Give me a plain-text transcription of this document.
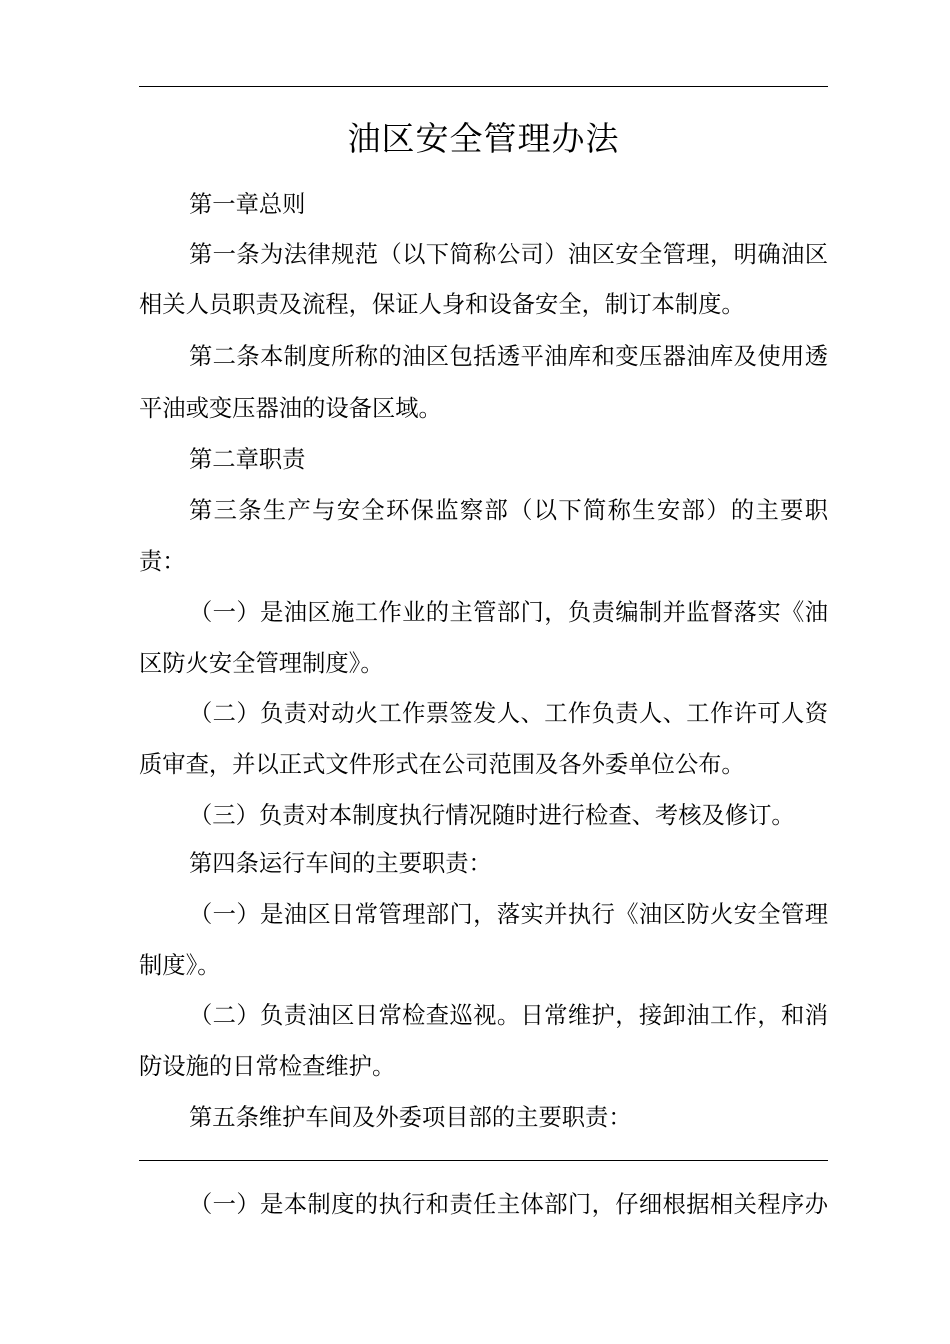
油区安全管理办法
第一章总则
第一条为法律规范（以下简称公司）油区安全管理，明确油区
相关人员职责及流程，保证人身和设备安全，制订本制度。
第二条本制度所称的油区包括透平油库和变压器油库及使用透
平油或变压器油的设备区域。
第二章职责
第三条生产与安全环保监察部（以下简称生安部）的主要职
责：
（一）是油区施工作业的主管部门，负责编制并监督落实《油
区防火安全管理制度》。
（二）负责对动火工作票签发人、工作负责人、工作许可人资
质审查，并以正式文件形式在公司范围及各外委单位公布。
（三）负责对本制度执行情况随时进行检查、考核及修订。
第四条运行车间的主要职责：
（一）是油区日常管理部门，落实并执行《油区防火安全管理
制度》。
（二）负责油区日常检查巡视。日常维护，接卸油工作，和消
防设施的日常检查维护。
第五条维护车间及外委项目部的主要职责：
（一）是本制度的执行和责任主体部门，仔细根据相关程序办
